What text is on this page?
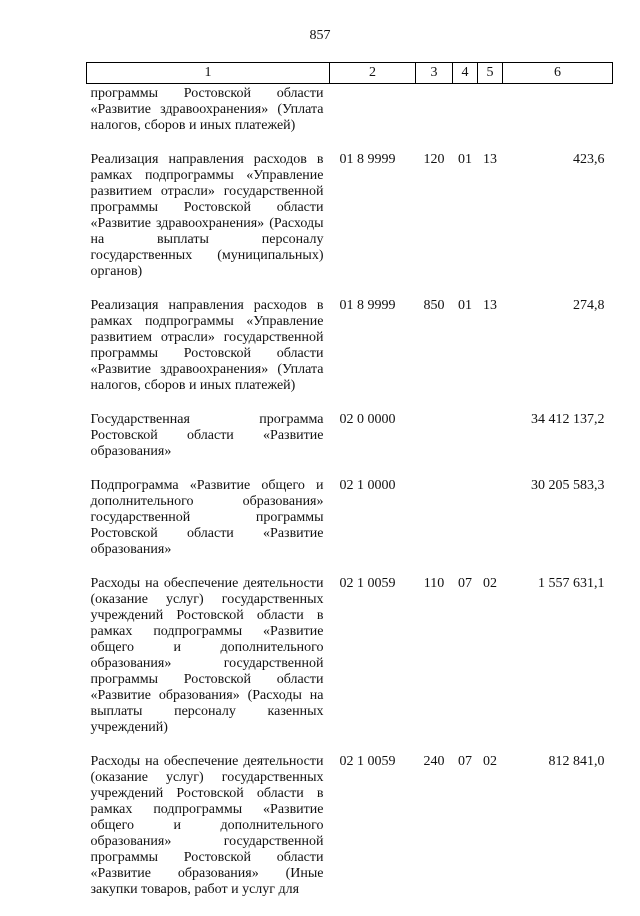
857
1	2	3	4	5	6
программы Ростовской области «Развитие здравоохранения» (Уплата налогов, сборов и иных платежей)					
Реализация направления расходов в рамках подпрограммы «Управление развитием отрасли» государственной программы Ростовской области «Развитие здравоохранения» (Расходы на выплаты персоналу государственных (муниципальных) органов)	01 8 9999	120	01	13	423,6
Реализация направления расходов в рамках подпрограммы «Управление развитием отрасли» государственной программы Ростовской области «Развитие здравоохранения» (Уплата налогов, сборов и иных платежей)	01 8 9999	850	01	13	274,8
Государственная программа Ростовской области «Развитие образования»	02 0 0000				34 412 137,2
Подпрограмма «Развитие общего и дополнительного образования» государственной программы Ростовской области «Развитие образования»	02 1 0000				30 205 583,3
Расходы на обеспечение деятельности (оказание услуг) государственных учреждений Ростовской области в рамках подпрограммы «Развитие общего и дополнительного образования» государственной программы Ростовской области «Развитие образования» (Расходы на выплаты персоналу казенных учреждений)	02 1 0059	110	07	02	1 557 631,1
Расходы на обеспечение деятельности (оказание услуг) государственных учреждений Ростовской области в рамках подпрограммы «Развитие общего и дополнительного образования» государственной программы Ростовской области «Развитие образования» (Иные закупки товаров, работ и услуг для	02 1 0059	240	07	02	812 841,0
